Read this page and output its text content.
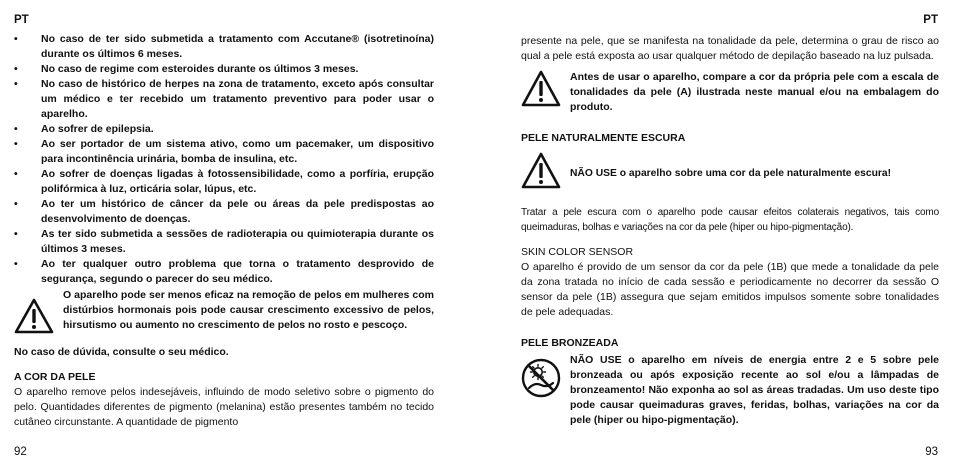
PT
• No caso de ter sido submetida a tratamento com Accutane® (isotretinoína) durante os últimos 6 meses.
• No caso de regime com esteroides durante os últimos 3 meses.
• No caso de histórico de herpes na zona de tratamento, exceto após consultar um médico e ter recebido um tratamento preventivo para poder usar o aparelho.
• Ao sofrer de epilepsia.
• Ao ser portador de um sistema ativo, como um pacemaker, um dispositivo para incontinência urinária, bomba de insulina, etc.
• Ao sofrer de doenças ligadas à fotossensibilidade, como a porfíria, erupção polifórmica à luz, orticária solar, lúpus, etc.
• Ao ter um histórico de câncer da pele ou áreas da pele predispostas ao desenvolvimento de doenças.
• As ter sido submetida a sessões de radioterapia ou quimioterapia durante os últimos 3 meses.
• Ao ter qualquer outro problema que torna o tratamento desprovido de segurança, segundo o parecer do seu médico.
O aparelho pode ser menos eficaz na remoção de pelos em mulheres com distúrbios hormonais pois pode causar crescimento excessivo de pelos, hirsutismo ou aumento no crescimento de pelos no rosto e pescoço.
No caso de dúvida, consulte o seu médico.
A COR DA PELE
O aparelho remove pelos indesejáveis, influindo de modo seletivo sobre o pigmento do pelo. Quantidades diferentes de pigmento (melanina) estão presentes também no tecido cutâneo circunstante. A quantidade de pigmento
92
PT
presente na pele, que se manifesta na tonalidade da pele, determina o grau de risco ao qual a pele está exposta ao usar qualquer método de depilação baseado na luz pulsada.
Antes de usar o aparelho, compare a cor da própria pele com a escala de tonalidades da pele (A) ilustrada neste manual e/ou na embalagem do produto.
PELE NATURALMENTE ESCURA
NÃO USE o aparelho sobre uma cor da pele naturalmente escura!
Tratar a pele escura com o aparelho pode causar efeitos colaterais negativos, tais como queimaduras, bolhas e variações na cor da pele (hiper ou hipo-pigmentação).
SKIN COLOR SENSOR
O aparelho é provido de um sensor da cor da pele (1B) que mede a tonalidade da pele da zona tratada no início de cada sessão e periodicamente no decorrer da sessão O sensor da pele (1B) assegura que sejam emitidos impulsos somente sobre tonalidades de pele adequadas.
PELE BRONZEADA
NÃO USE o aparelho em níveis de energia entre 2 e 5 sobre pele bronzeada ou após exposição recente ao sol e/ou a lâmpadas de bronzeamento! Não exponha ao sol as áreas tradadas. Um uso deste tipo pode causar queimaduras graves, feridas, bolhas, variações na cor da pele (hiper ou hipo-pigmentação).
93
